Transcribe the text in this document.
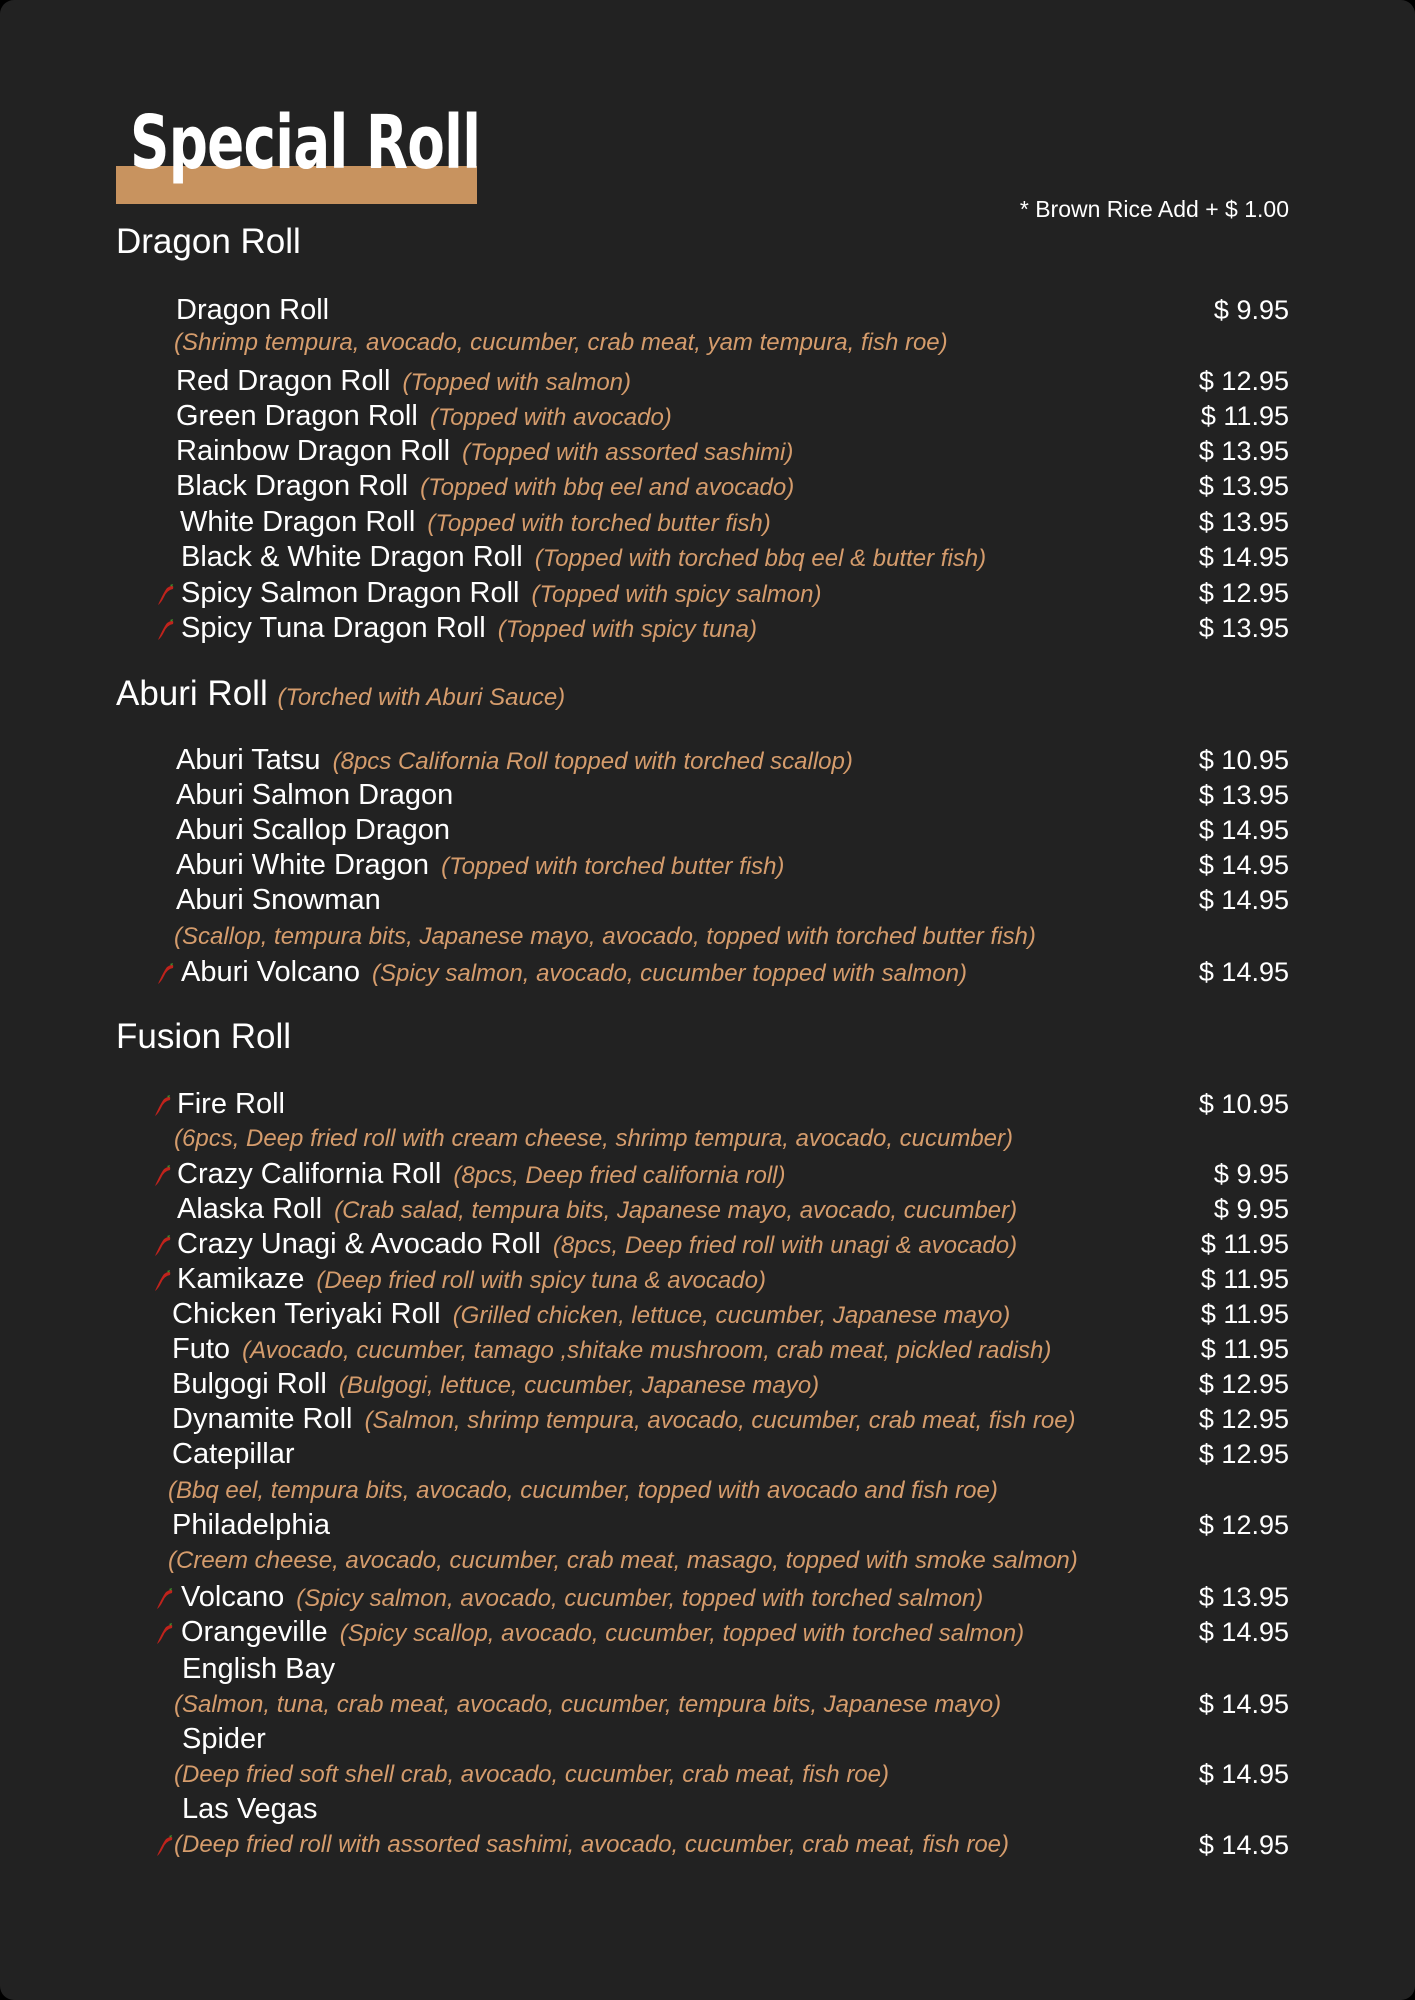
Special Roll
* Brown Rice Add + $ 1.00
Dragon Roll
Dragon Roll	$ 9.95
(Shrimp tempura, avocado, cucumber, crab meat, yam tempura, fish roe)
Red Dragon Roll (Topped with salmon)	$ 12.95
Green Dragon Roll (Topped with avocado)	$ 11.95
Rainbow Dragon Roll (Topped with assorted sashimi)	$ 13.95
Black Dragon Roll (Topped with bbq eel and avocado)	$ 13.95
White Dragon Roll (Topped with torched butter fish)	$ 13.95
Black & White Dragon Roll (Topped with torched bbq eel & butter fish)	$ 14.95
Spicy Salmon Dragon Roll (Topped with spicy salmon)	$ 12.95
Spicy Tuna Dragon Roll (Topped with spicy tuna)	$ 13.95
Aburi Roll (Torched with Aburi Sauce)
Aburi Tatsu (8pcs California Roll topped with torched scallop)	$ 10.95
Aburi Salmon Dragon	$ 13.95
Aburi Scallop Dragon	$ 14.95
Aburi White Dragon (Topped with torched butter fish)	$ 14.95
Aburi Snowman	$ 14.95
(Scallop, tempura bits, Japanese mayo, avocado, topped with torched butter fish)
Aburi Volcano (Spicy salmon, avocado, cucumber topped with salmon)	$ 14.95
Fusion Roll
Fire Roll	$ 10.95
(6pcs, Deep fried roll with cream cheese, shrimp tempura, avocado, cucumber)
Crazy California Roll (8pcs, Deep fried california roll)	$ 9.95
Alaska Roll (Crab salad, tempura bits, Japanese mayo, avocado, cucumber)	$ 9.95
Crazy Unagi & Avocado Roll (8pcs, Deep fried roll with unagi & avocado)	$ 11.95
Kamikaze (Deep fried roll with spicy tuna & avocado)	$ 11.95
Chicken Teriyaki Roll (Grilled chicken, lettuce, cucumber, Japanese mayo)	$ 11.95
Futo (Avocado, cucumber, tamago ,shitake mushroom, crab meat, pickled radish)	$ 11.95
Bulgogi Roll (Bulgogi, lettuce, cucumber, Japanese mayo)	$ 12.95
Dynamite Roll (Salmon, shrimp tempura, avocado, cucumber, crab meat, fish roe)	$ 12.95
Catepillar	$ 12.95
(Bbq eel, tempura bits, avocado, cucumber, topped with avocado and fish roe)
Philadelphia	$ 12.95
(Creem cheese, avocado, cucumber, crab meat, masago, topped with smoke salmon)
Volcano (Spicy salmon, avocado, cucumber, topped with torched salmon)	$ 13.95
Orangeville (Spicy scallop, avocado, cucumber, topped with torched salmon)	$ 14.95
English Bay
(Salmon, tuna, crab meat, avocado, cucumber, tempura bits, Japanese mayo)	$ 14.95
Spider
(Deep fried soft shell crab, avocado, cucumber, crab meat, fish roe)	$ 14.95
Las Vegas
(Deep fried roll with assorted sashimi, avocado, cucumber, crab meat, fish roe)	$ 14.95
